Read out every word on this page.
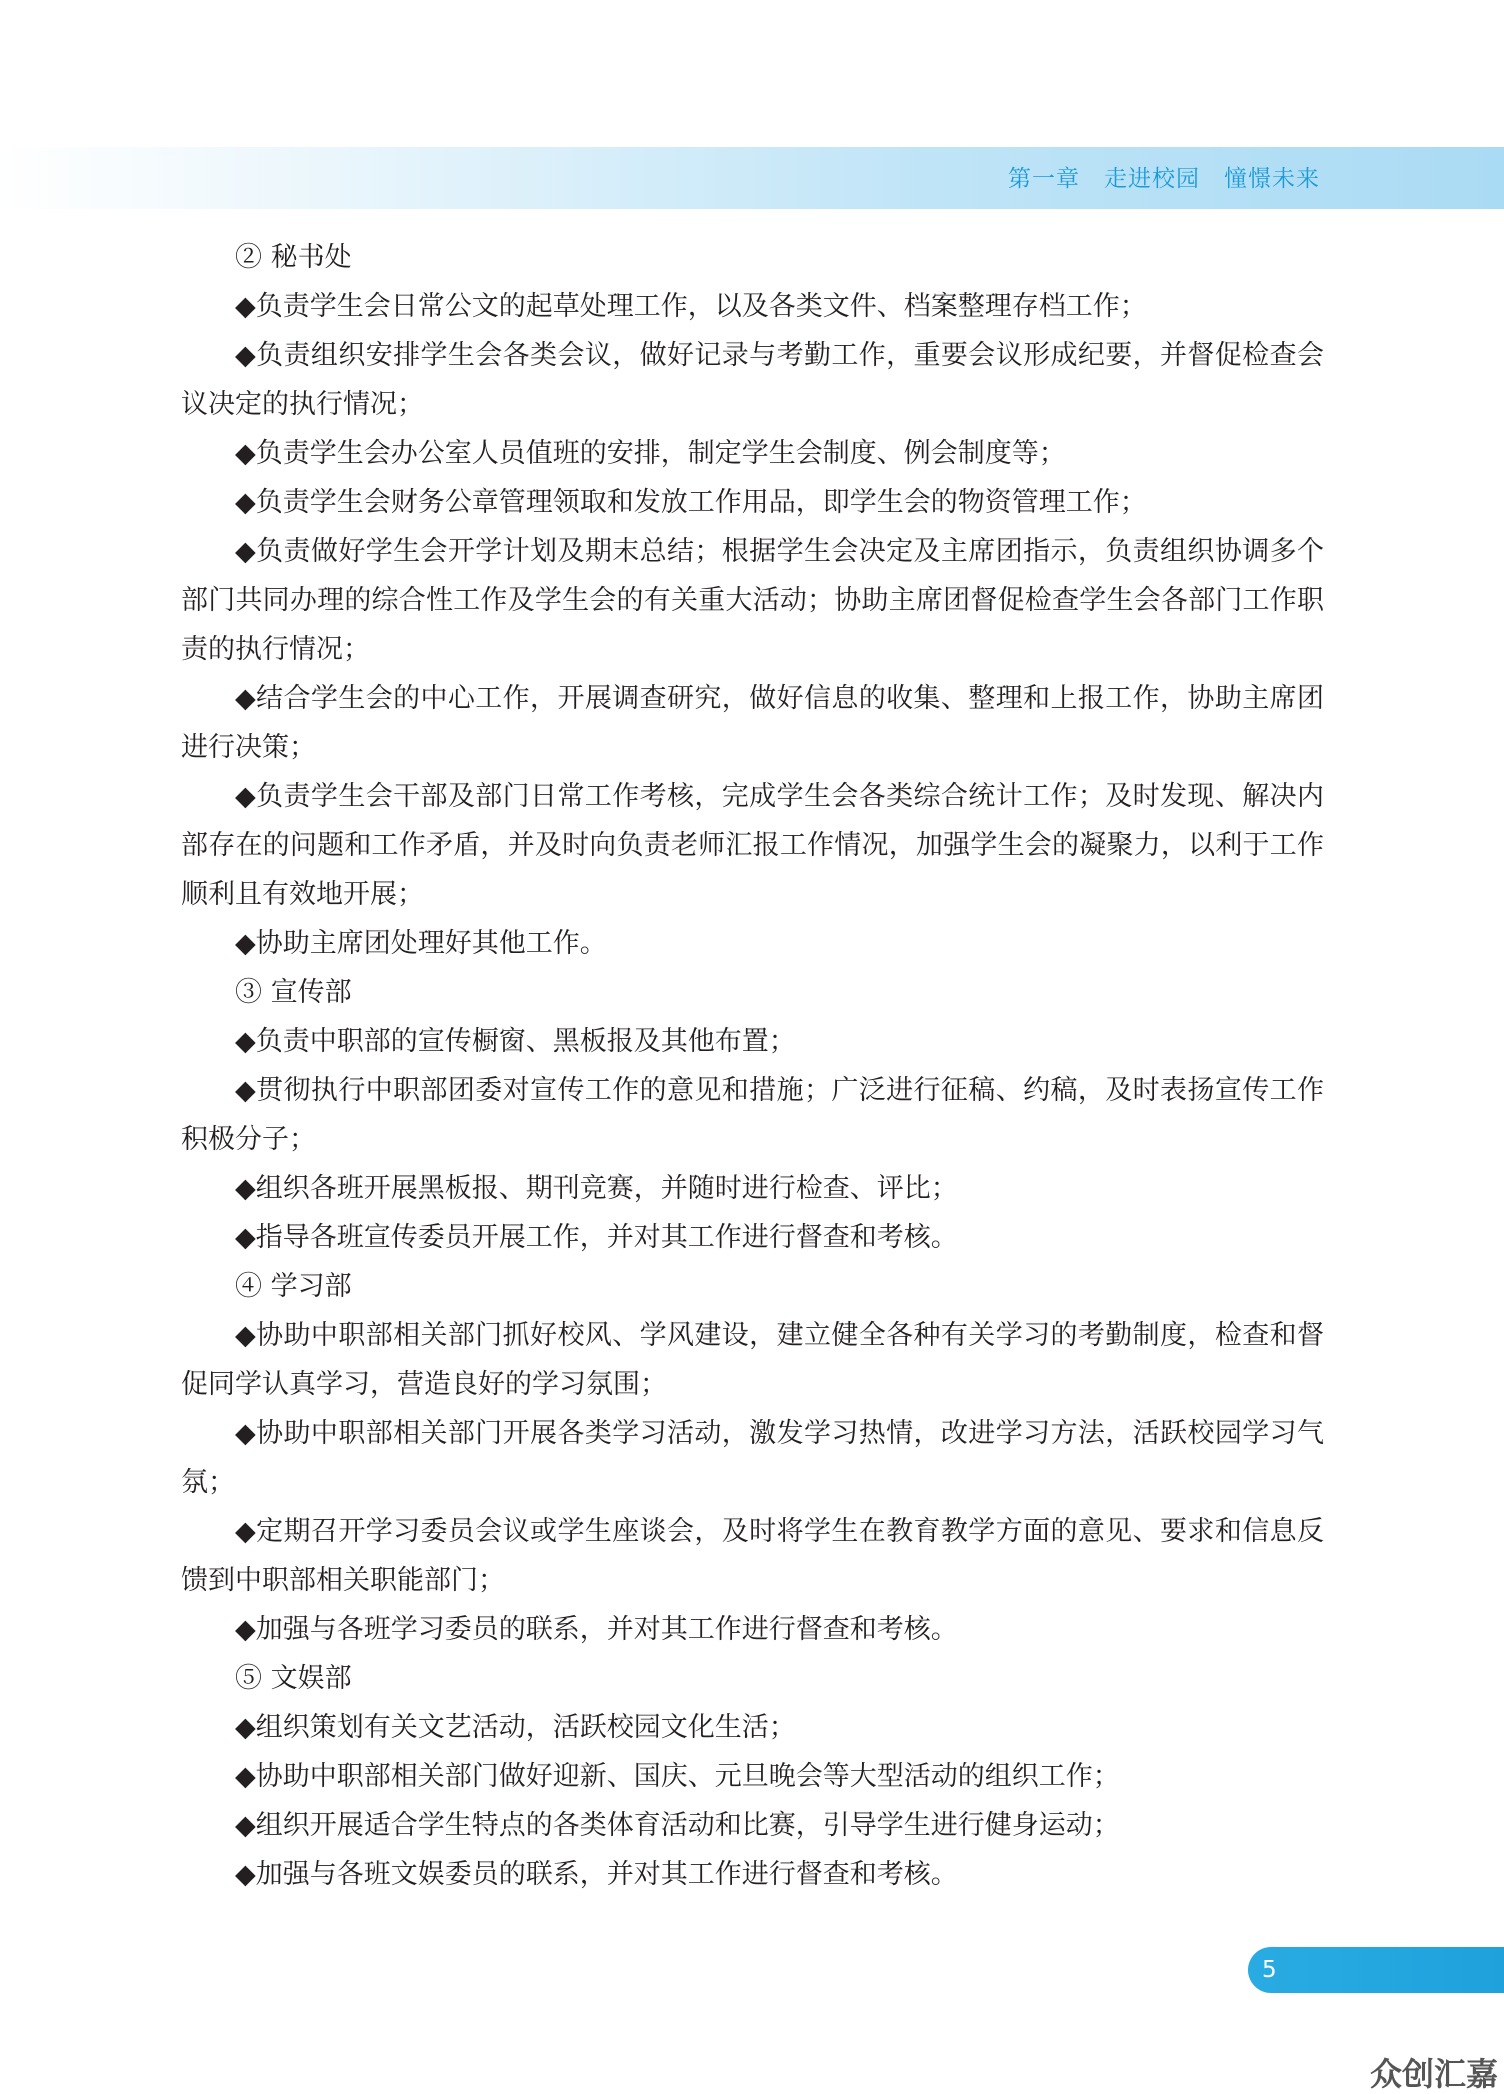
第一章　走进校园　憧憬未来

② 秘书处

◆负责学生会日常公文的起草处理工作，以及各类文件、档案整理存档工作；

◆负责组织安排学生会各类会议，做好记录与考勤工作，重要会议形成纪要，并督促检查会议决定的执行情况；

◆负责学生会办公室人员值班的安排，制定学生会制度、例会制度等；

◆负责学生会财务公章管理领取和发放工作用品，即学生会的物资管理工作；

◆负责做好学生会开学计划及期末总结；根据学生会决定及主席团指示，负责组织协调多个部门共同办理的综合性工作及学生会的有关重大活动；协助主席团督促检查学生会各部门工作职责的执行情况；

◆结合学生会的中心工作，开展调查研究，做好信息的收集、整理和上报工作，协助主席团进行决策；

◆负责学生会干部及部门日常工作考核，完成学生会各类综合统计工作；及时发现、解决内部存在的问题和工作矛盾，并及时向负责老师汇报工作情况，加强学生会的凝聚力，以利于工作顺利且有效地开展；

◆协助主席团处理好其他工作。

③ 宣传部

◆负责中职部的宣传橱窗、黑板报及其他布置；

◆贯彻执行中职部团委对宣传工作的意见和措施；广泛进行征稿、约稿，及时表扬宣传工作积极分子；

◆组织各班开展黑板报、期刊竞赛，并随时进行检查、评比；

◆指导各班宣传委员开展工作，并对其工作进行督查和考核。

④ 学习部

◆协助中职部相关部门抓好校风、学风建设，建立健全各种有关学习的考勤制度，检查和督促同学认真学习，营造良好的学习氛围；

◆协助中职部相关部门开展各类学习活动，激发学习热情，改进学习方法，活跃校园学习气氛；

◆定期召开学习委员会议或学生座谈会，及时将学生在教育教学方面的意见、要求和信息反馈到中职部相关职能部门；

◆加强与各班学习委员的联系，并对其工作进行督查和考核。

⑤ 文娱部

◆组织策划有关文艺活动，活跃校园文化生活；

◆协助中职部相关部门做好迎新、国庆、元旦晚会等大型活动的组织工作；

◆组织开展适合学生特点的各类体育活动和比赛，引导学生进行健身运动；

◆加强与各班文娱委员的联系，并对其工作进行督查和考核。

5
众创汇嘉
